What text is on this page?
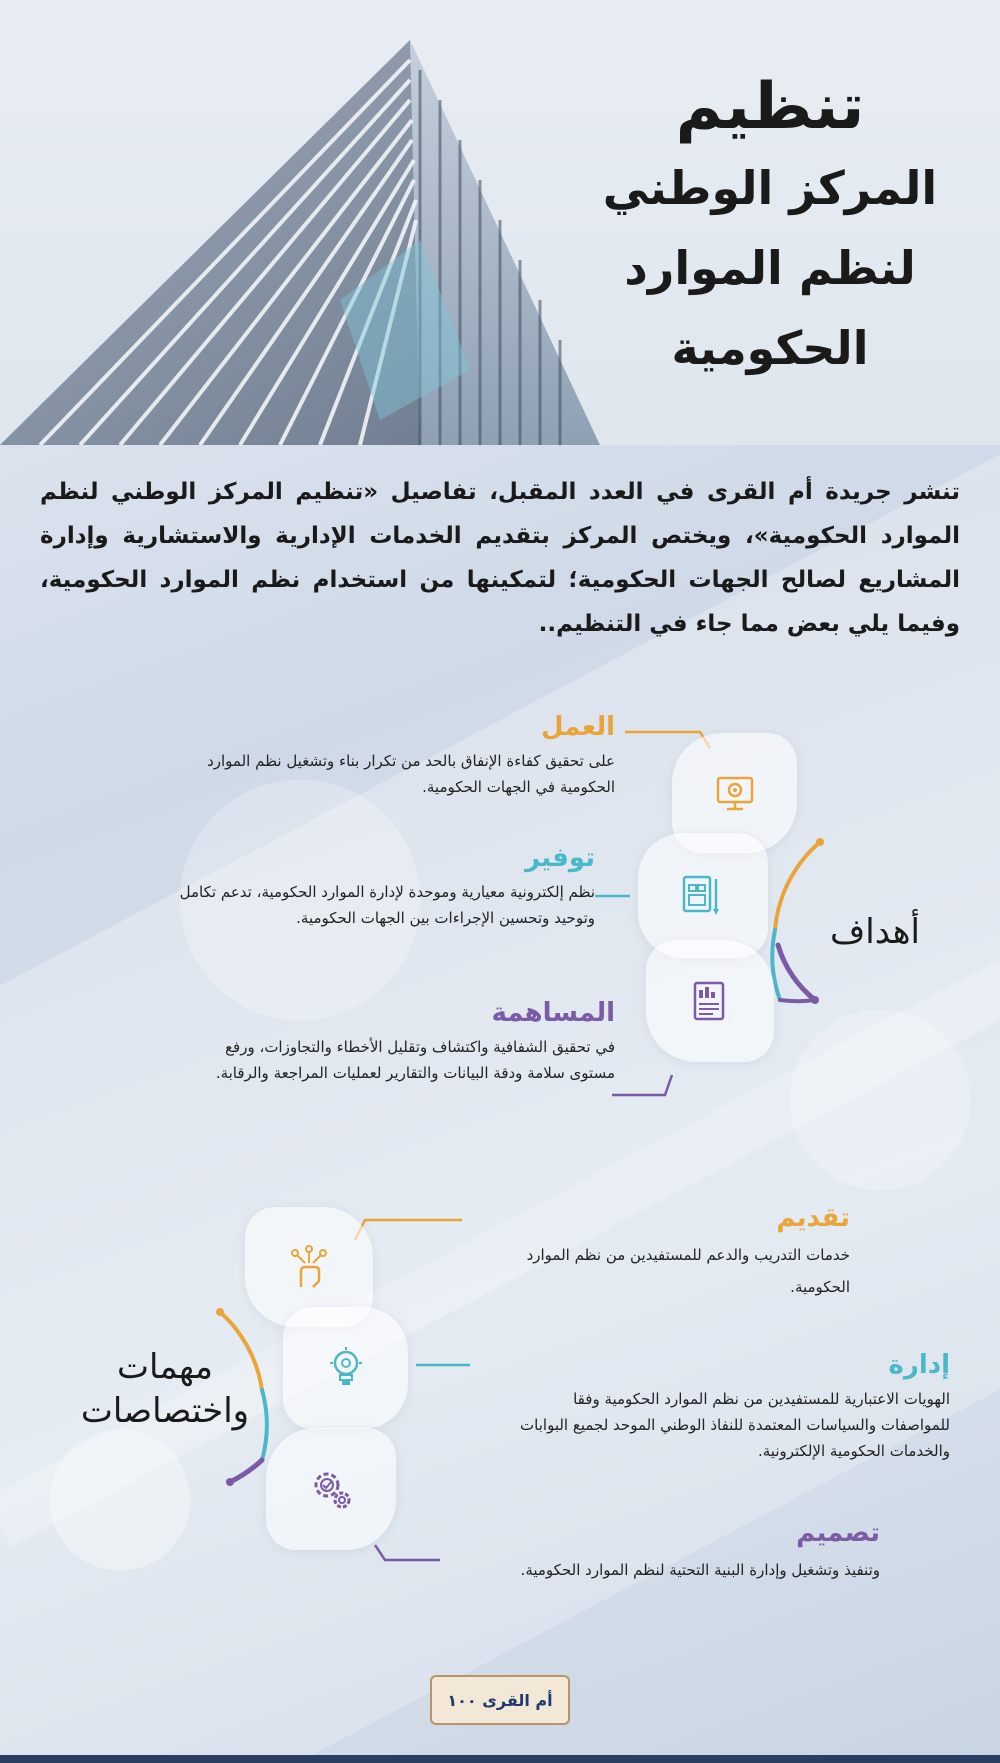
تنظيم
المركز الوطني
لنظم الموارد
الحكومية
تنشر جريدة أم القرى في العدد المقبل، تفاصيل «تنظيم المركز الوطني لنظم الموارد الحكومية»، ويختص المركز بتقديم الخدمات الإدارية والاستشارية وإدارة المشاريع لصالح الجهات الحكومية؛ لتمكينها من استخدام نظم الموارد الحكومية، وفيما يلي بعض مما جاء في التنظيم..
العمل
على تحقيق كفاءة الإنفاق بالحد من تكرار بناء وتشغيل نظم الموارد الحكومية في الجهات الحكومية.
توفير
نظم إلكترونية معيارية وموحدة لإدارة الموارد الحكومية، تدعم تكامل وتوحيد وتحسين الإجراءات بين الجهات الحكومية.
المساهمة
في تحقيق الشفافية واكتشاف وتقليل الأخطاء والتجاوزات، ورفع مستوى سلامة ودقة البيانات والتقارير لعمليات المراجعة والرقابة.
أهداف
تقديم
خدمات التدريب والدعم للمستفيدين من نظم الموارد الحكومية.
إدارة
الهويات الاعتبارية للمستفيدين من نظم الموارد الحكومية وفقا للمواصفات والسياسات المعتمدة للنفاذ الوطني الموحد لجميع البوابات والخدمات الحكومية الإلكترونية.
تصميم
وتنفيذ وتشغيل وإدارة البنية التحتية لنظم الموارد الحكومية.
مهمات
واختصاصات
أم القرى ١٠٠
